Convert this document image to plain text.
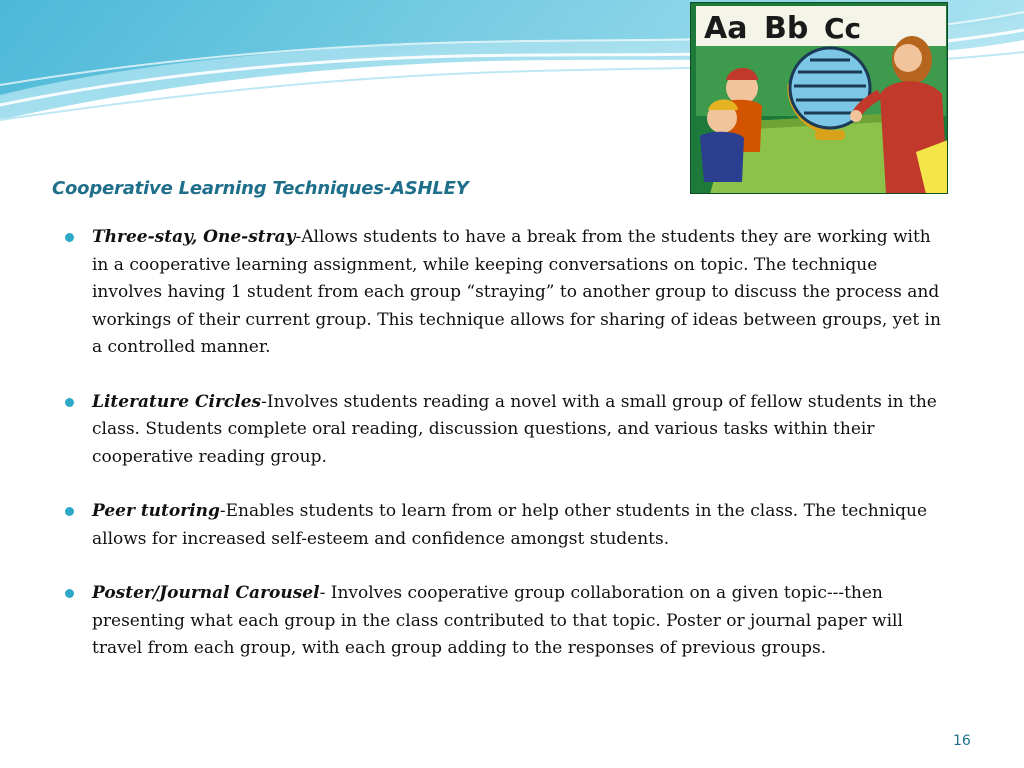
Aa Bb Cc
Cooperative Learning Techniques-ASHLEY
Three-stay, One-stray-Allows students to have a break from the students they are working with in a cooperative learning assignment, while keeping conversations on topic. The technique involves having 1 student from each group “straying” to another group to discuss the process and workings of their current group. This technique allows for sharing of ideas between groups, yet in a controlled manner.
Literature Circles-Involves students reading a novel with a small group of fellow students in the class. Students complete oral reading, discussion questions, and various tasks within their cooperative reading group.
Peer tutoring-Enables students to learn from or help other students in the class. The technique allows for increased self-esteem and confidence amongst students.
Poster/Journal Carousel- Involves cooperative group collaboration on a given topic---then presenting what each group in the class contributed to that topic. Poster or journal paper will travel from each group, with each group adding to the responses of previous groups.
16
